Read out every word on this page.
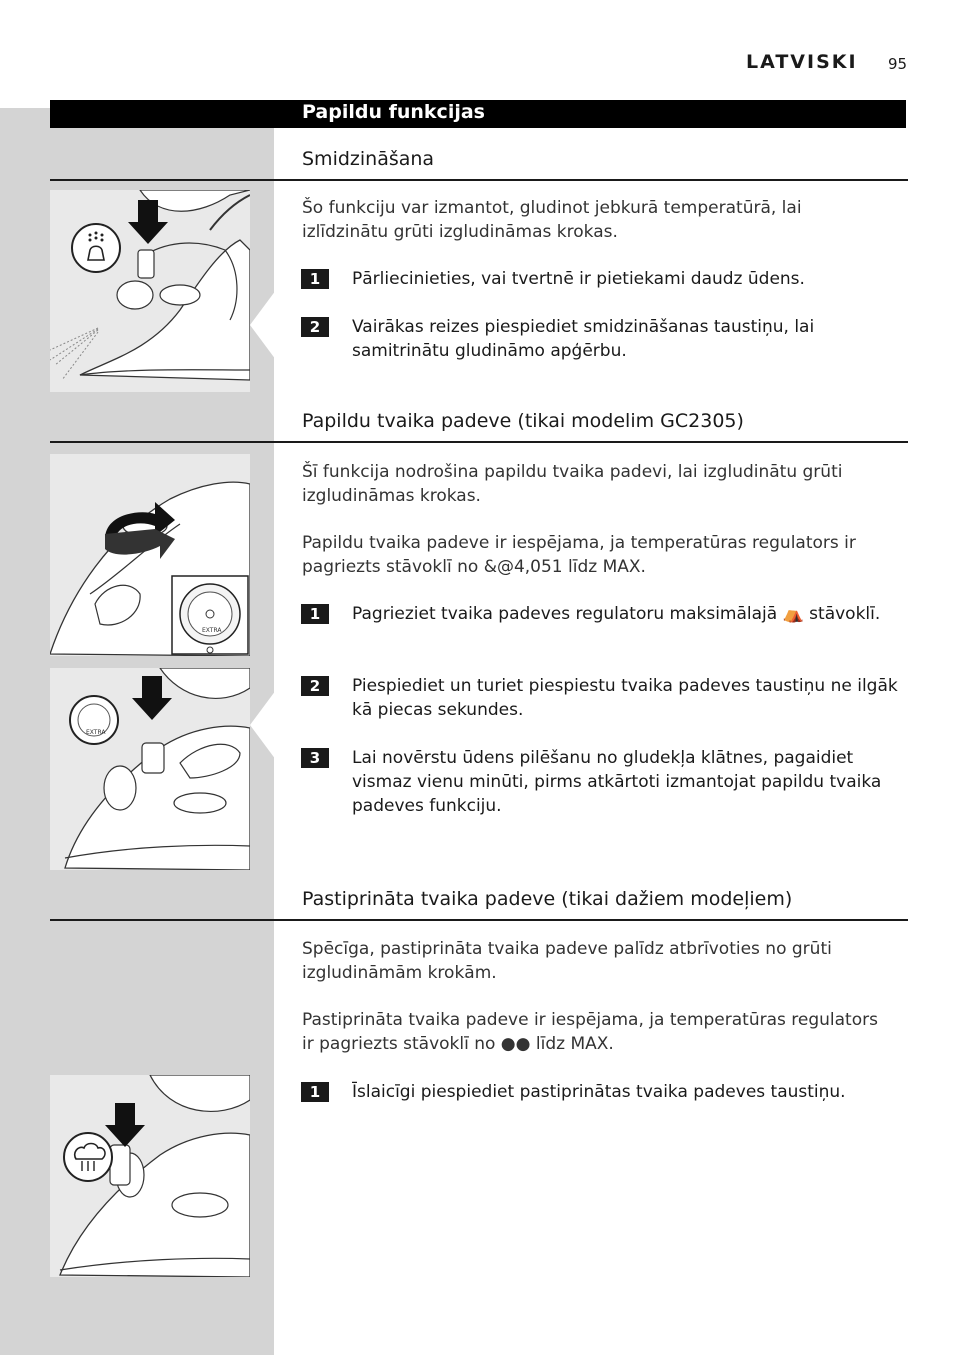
LATVISKI 95
Papildu funkcijas
Smidzināšana
Šo funkciju var izmantot, gludinot jebkurā temperatūrā, lai izlīdzinātu grūti izgludināmas krokas.
1	Pārliecinieties, vai tvertnē ir pietiekami daudz ūdens.
2	Vairākas reizes piespiediet smidzināšanas taustiņu, lai samitrinātu gludināmo apģērbu.
Papildu tvaika padeve (tikai modelim GC2305)
EXTRA
Šī funkcija nodrošina papildu tvaika padevi, lai izgludinātu grūti izgludināmas krokas.
Papildu tvaika padeve ir iespējama, ja temperatūras regulators ir pagriezts stāvoklī no &@4,051 līdz MAX.
1	Pagrieziet tvaika padeves regulatoru maksimālajā ⛺ stāvoklī.
EXTRA
2	Piespiediet un turiet piespiestu tvaika padeves taustiņu ne ilgāk kā piecas sekundes.
3	Lai novērstu ūdens pilēšanu no gludekļa klātnes, pagaidiet vismaz vienu minūti, pirms atkārtoti izmantojat papildu tvaika padeves funkciju.
Pastiprināta tvaika padeve (tikai dažiem modeļiem)
Spēcīga, pastiprināta tvaika padeve palīdz atbrīvoties no grūti izgludināmām krokām.
Pastiprināta tvaika padeve ir iespējama, ja temperatūras regulators ir pagriezts stāvoklī no ●● līdz MAX.
1	Īslaicīgi piespiediet pastiprinātas tvaika padeves taustiņu.
